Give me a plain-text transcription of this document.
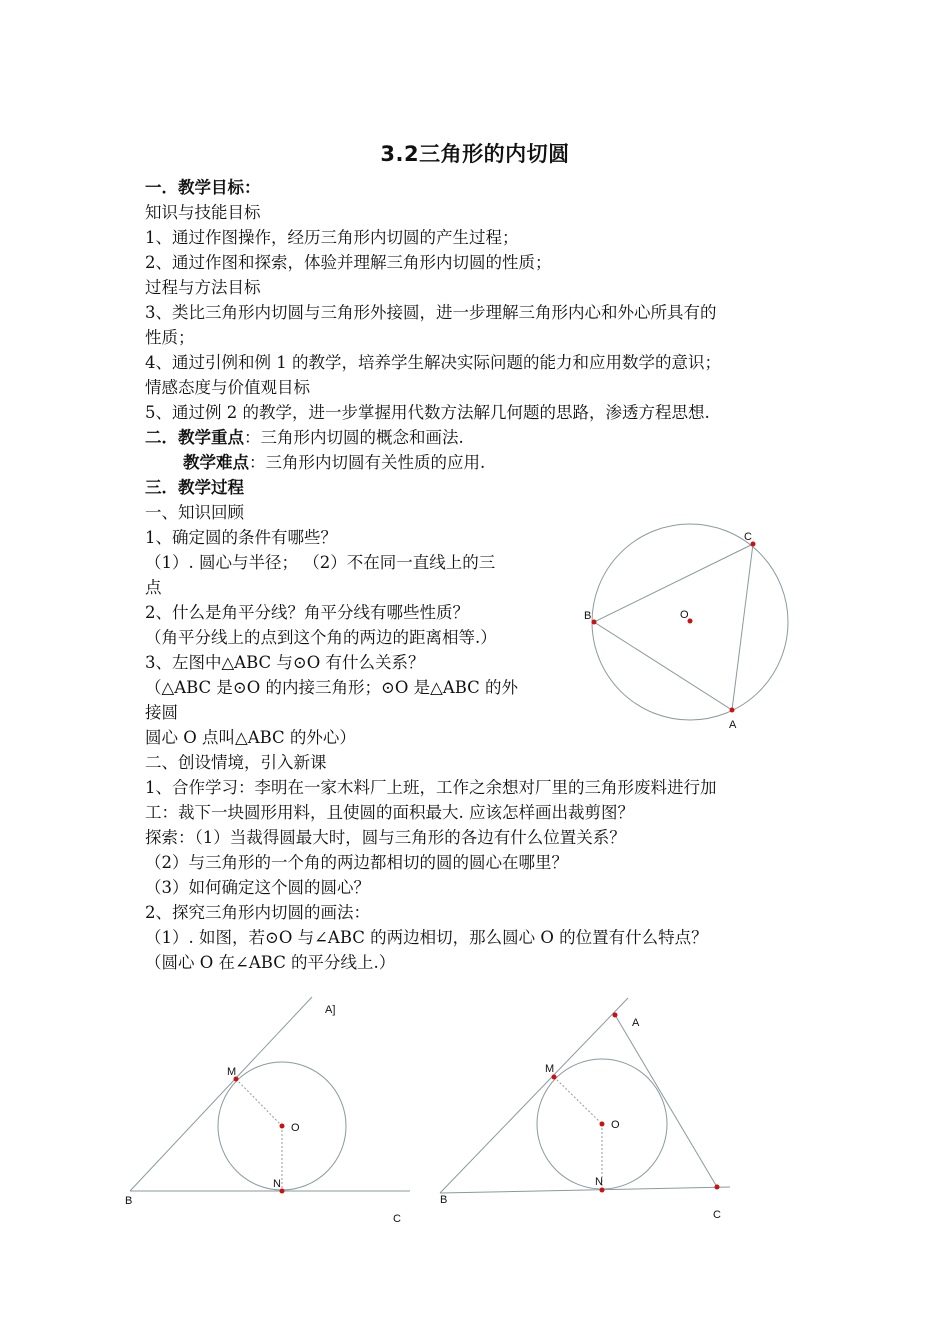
3.2三角形的内切圆
一．教学目标：
知识与技能目标
1、通过作图操作，经历三角形内切圆的产生过程；
2、通过作图和探索，体验并理解三角形内切圆的性质；
过程与方法目标
3、类比三角形内切圆与三角形外接圆，进一步理解三角形内心和外心所具有的
性质；
4、通过引例和例 1 的教学，培养学生解决实际问题的能力和应用数学的意识；
情感态度与价值观目标
5、通过例 2 的教学，进一步掌握用代数方法解几何题的思路，渗透方程思想.
二．教学重点：三角形内切圆的概念和画法.
教学难点：三角形内切圆有关性质的应用.
三．教学过程
一、知识回顾
1、确定圆的条件有哪些？
（1）. 圆心与半径； （2）不在同一直线上的三
点
2、什么是角平分线？角平分线有哪些性质？
（角平分线上的点到这个角的两边的距离相等.）
3、左图中△ABC 与⊙O 有什么关系？
（△ABC 是⊙O 的内接三角形；⊙O 是△ABC 的外
接圆
圆心 O 点叫△ABC 的外心）
二、创设情境，引入新课
1、合作学习：李明在一家木料厂上班，工作之余想对厂里的三角形废料进行加
工：裁下一块圆形用料，且使圆的面积最大. 应该怎样画出裁剪图？
探索：（1）当裁得圆最大时，圆与三角形的各边有什么位置关系？
（2）与三角形的一个角的两边都相切的圆的圆心在哪里？
（3）如何确定这个圆的圆心？
2、探究三角形内切圆的画法：
（1）. 如图，若⊙O 与∠ABC 的两边相切，那么圆心 O 的位置有什么特点？
（圆心 O 在∠ABC 的平分线上.）
C
B	O
A
A]
M
O
N
B
C
A
M
O
N
B
C
